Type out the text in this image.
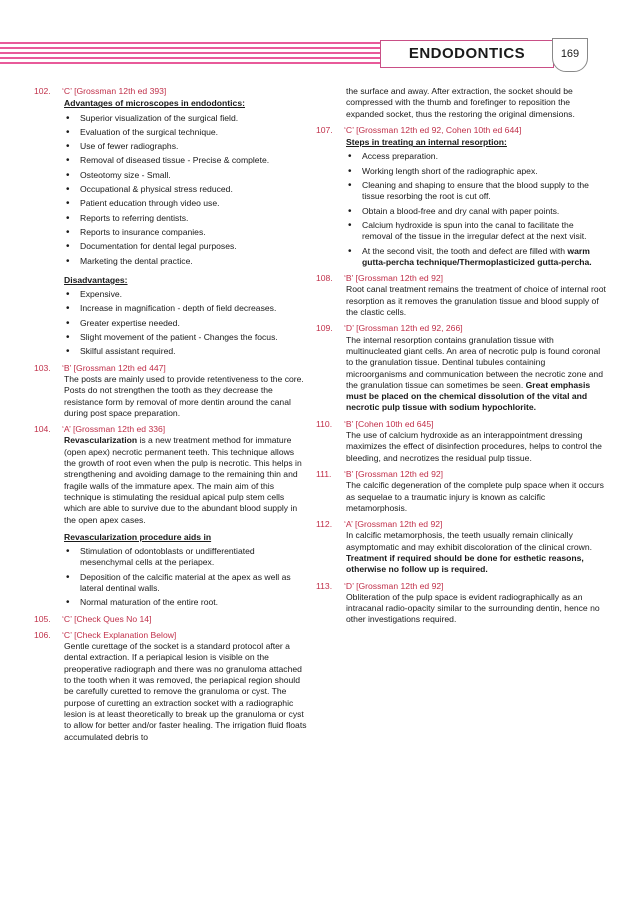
ENDODONTICS	169
102. ‘C’ [Grossman 12th ed 393]
Advantages of microscopes in endodontics:
• Superior visualization of the surgical field.
• Evaluation of the surgical technique.
• Use of fewer radiographs.
• Removal of diseased tissue - Precise & complete.
• Osteotomy size - Small.
• Occupational & physical stress reduced.
• Patient education through video use.
• Reports to referring dentists.
• Reports to insurance companies.
• Documentation for dental legal purposes.
• Marketing the dental practice.
Disadvantages:
• Expensive.
• Increase in magnification - depth of field decreases.
• Greater expertise needed.
• Slight movement of the patient - Changes the focus.
• Skilful assistant required.
103. ‘B’ [Grossman 12th ed 447]

The posts are mainly used to provide retentiveness to the core. Posts do not strengthen the tooth as they decrease the resistance form by removal of more dentin around the canal during post space preparation.

104. ‘A’ [Grossman 12th ed 336]

Revascularization is a new treatment method for immature (open apex) necrotic permanent teeth. This technique allows the growth of root even when the pulp is necrotic. This helps in strengthening and avoiding damage to the remaining thin and fragile walls of the immature apex. The main aim of this technique is stimulating the residual apical pulp stem cells which are able to survive due to the abundant blood supply in the open apex cases.

Revascularization procedure aids in
• Stimulation of odontoblasts or undifferentiated mesenchymal cells at the periapex.
• Deposition of the calcific material at the apex as well as lateral dentinal walls.
• Normal maturation of the entire root.
105. ‘C’ [Check Ques No 14]
106. ‘C’ [Check Explanation Below]

Gentle curettage of the socket is a standard protocol after a dental extraction. If a periapical lesion is visible on the preoperative radiograph and there was no granuloma attached to the tooth when it was removed, the periapical region should be carefully curetted to remove the granuloma or cyst. The purpose of curetting an extraction socket with a radiographic lesion is at least theoretically to break up the granuloma or cyst to allow for better and/or faster healing. The irrigation fluid floats accumulated debris to

the surface and away. After extraction, the socket should be compressed with the thumb and forefinger to reposition the expanded socket, thus the restoring the original dimensions.

107. ‘C’ [Grossman 12th ed 92, Cohen 10th ed 644]
Steps in treating an internal resorption:
• Access preparation.
• Working length short of the radiographic apex.
• Cleaning and shaping to ensure that the blood supply to the tissue resorbing the root is cut off.
• Obtain a blood-free and dry canal with paper points.
• Calcium hydroxide is spun into the canal to facilitate the removal of the tissue in the irregular defect at the next visit.
• At the second visit, the tooth and defect are filled with warm gutta-percha technique/Thermoplasticized gutta-percha.
108. ‘B’ [Grossman 12th ed 92]

Root canal treatment remains the treatment of choice of internal root resorption as it removes the granulation tissue and blood supply of the clastic cells.

109. ‘D’ [Grossman 12th ed 92, 266]

The internal resorption contains granulation tissue with multinucleated giant cells. An area of necrotic pulp is found coronal to the granulation tissue. Dentinal tubules containing microorganisms and communication between the necrotic zone and the granulation tissue can sometimes be seen. Great emphasis must be placed on the chemical dissolution of the vital and necrotic pulp tissue with sodium hypochlorite.

110. ‘B’ [Cohen 10th ed 645]

The use of calcium hydroxide as an interappointment dressing maximizes the effect of disinfection procedures, helps to control the bleeding, and necrotizes the residual pulp tissue.

111. ‘B’ [Grossman 12th ed 92]

The calcific degeneration of the complete pulp space when it occurs as sequelae to a traumatic injury is known as calcific metamorphosis.

112. ‘A’ [Grossman 12th ed 92]

In calcific metamorphosis, the teeth usually remain clinically asymptomatic and may exhibit discoloration of the clinical crown. Treatment if required should be done for esthetic reasons, otherwise no follow up is required.

113. ‘D’ [Grossman 12th ed 92]

Obliteration of the pulp space is evident radiographically as an intracanal radio-opacity similar to the surrounding dentin, hence no other investigations required.
